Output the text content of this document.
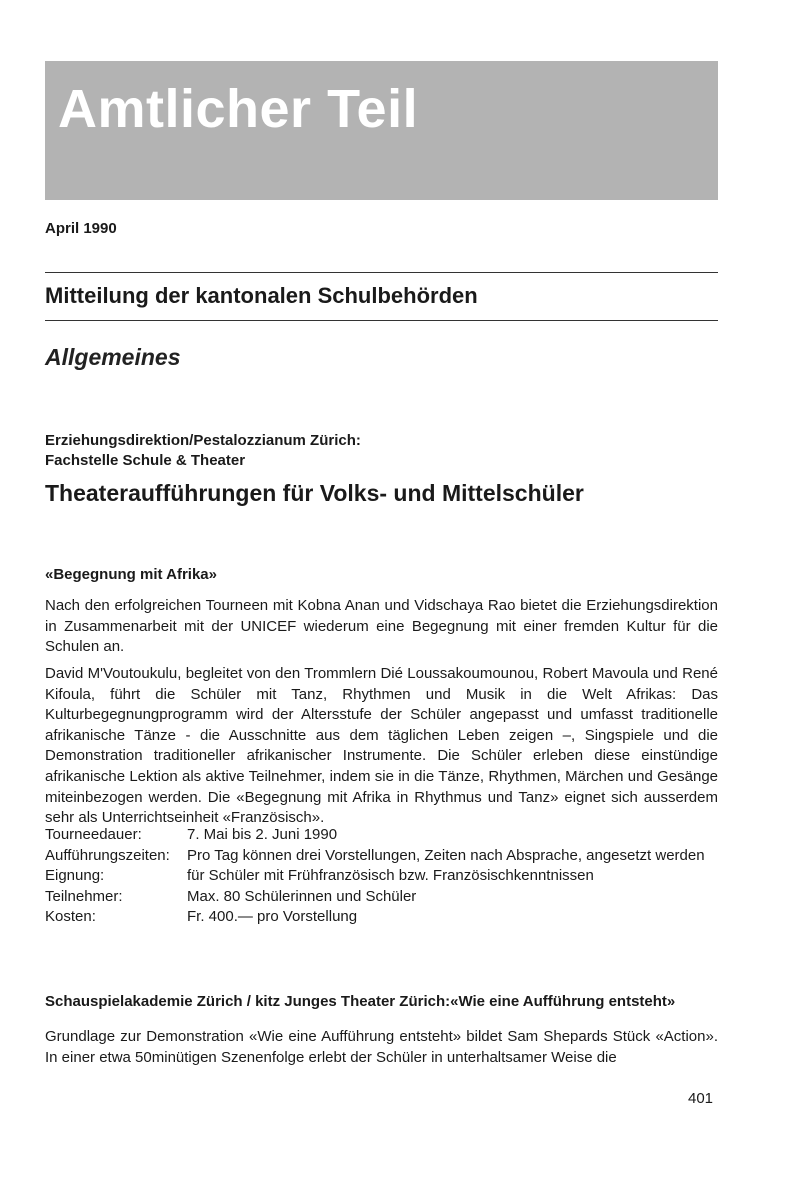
Amtlicher Teil
April 1990
Mitteilung der kantonalen Schulbehörden
Allgemeines
Erziehungsdirektion/Pestalozzianum Zürich:
Fachstelle Schule & Theater
Theateraufführungen für Volks- und Mittelschüler
«Begegnung mit Afrika»

Nach den erfolgreichen Tourneen mit Kobna Anan und Vidschaya Rao bietet die Erziehungsdirektion in Zusammenarbeit mit der UNICEF wiederum eine Begegnung mit einer fremden Kultur für die Schulen an.

David M'Voutoukulu, begleitet von den Trommlern Dié Loussakoumounou, Robert Mavoula und René Kifoula, führt die Schüler mit Tanz, Rhythmen und Musik in die Welt Afrikas: Das Kulturbegegnungprogramm wird der Altersstufe der Schüler angepasst und umfasst traditionelle afrikanische Tänze - die Ausschnitte aus dem täglichen Leben zeigen –, Singspiele und die Demonstration traditioneller afrikanischer Instrumente. Die Schüler erleben diese einstündige afrikanische Lektion als aktive Teilnehmer, indem sie in die Tänze, Rhythmen, Märchen und Gesänge miteinbezogen werden. Die «Begegnung mit Afrika in Rhythmus und Tanz» eignet sich ausserdem sehr als Unterrichtseinheit «Französisch».

Tourneedauer:	7. Mai bis 2. Juni 1990
Aufführungszeiten:	Pro Tag können drei Vorstellungen, Zeiten nach Absprache, angesetzt werden
Eignung:	für Schüler mit Frühfranzösisch bzw. Französischkenntnissen
Teilnehmer:	Max. 80 Schülerinnen und Schüler
Kosten:	Fr. 400.— pro Vorstellung
Schauspielakademie Zürich / kitz Junges Theater Zürich:«Wie eine Aufführung entsteht»

Grundlage zur Demonstration «Wie eine Aufführung entsteht» bildet Sam Shepards Stück «Action». In einer etwa 50minütigen Szenenfolge erlebt der Schüler in unterhaltsamer Weise die

401
